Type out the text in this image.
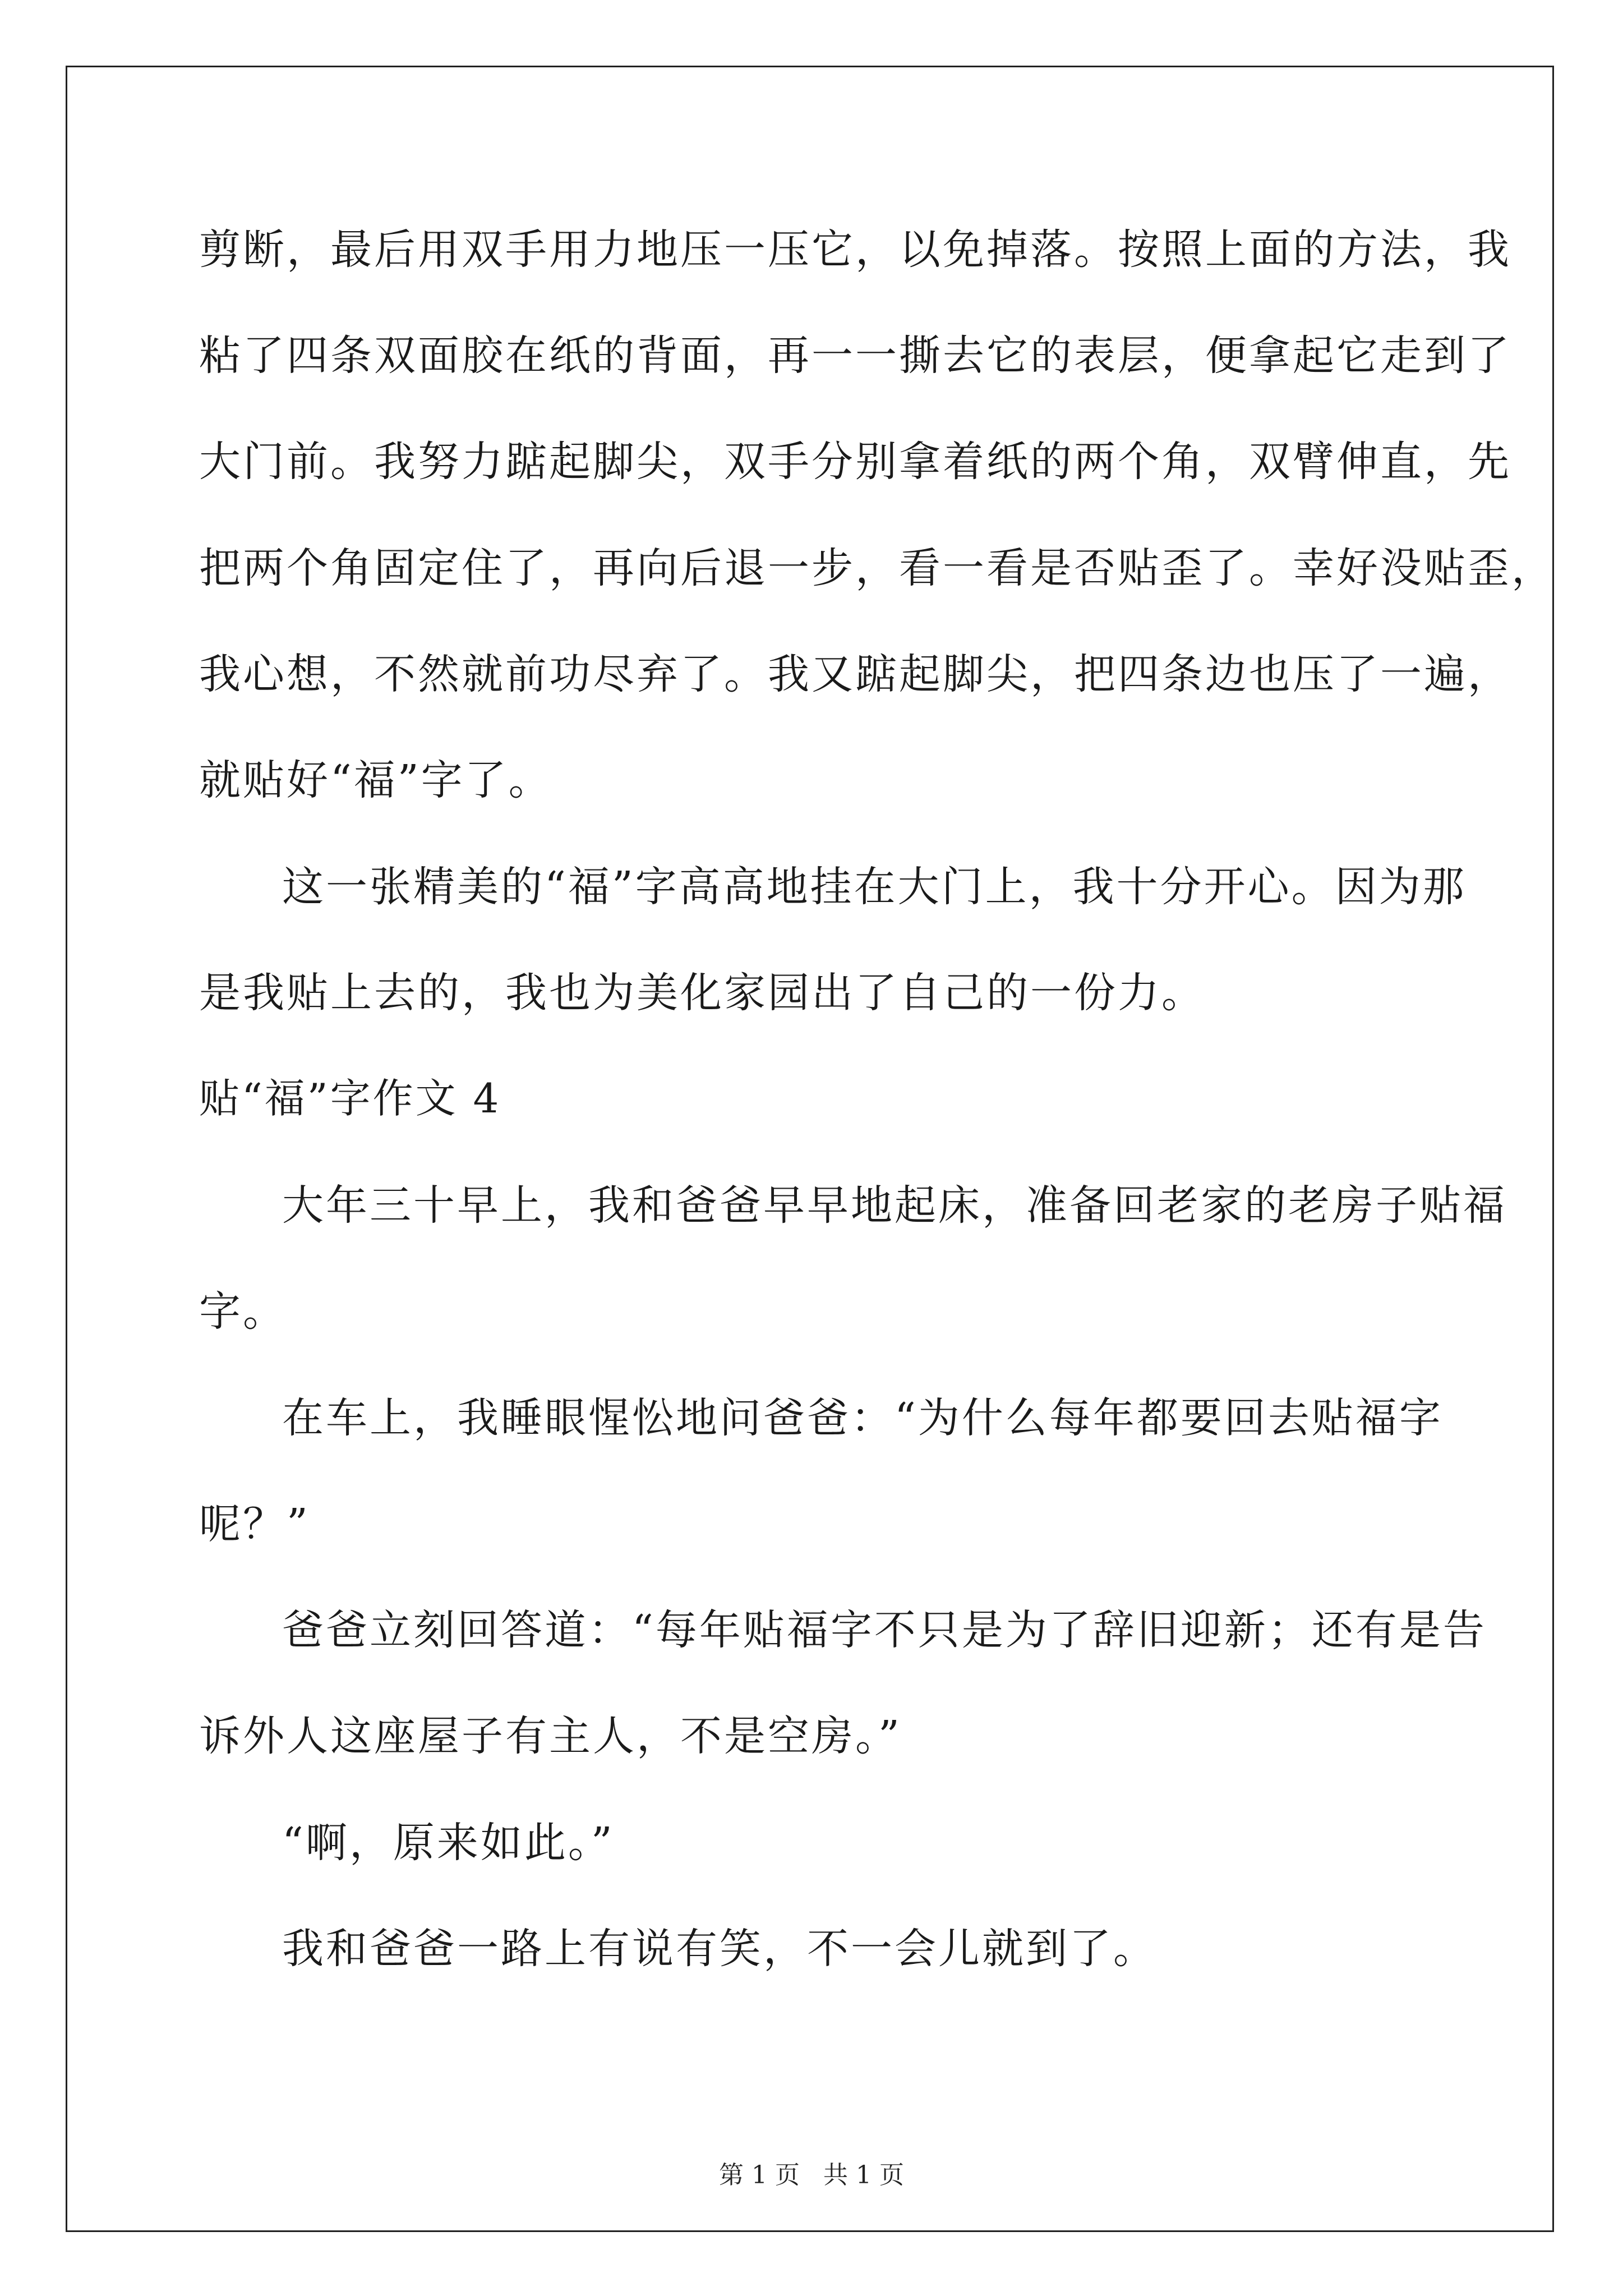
剪断，最后用双手用力地压一压它，以免掉落。按照上面的方法，我
粘了四条双面胶在纸的背面，再一一撕去它的表层，便拿起它走到了
大门前。我努力踮起脚尖，双手分别拿着纸的两个角，双臂伸直，先
把两个角固定住了，再向后退一步，看一看是否贴歪了。幸好没贴歪，
我心想，不然就前功尽弃了。我又踮起脚尖，把四条边也压了一遍，
就贴好“福”字了。
这一张精美的“福”字高高地挂在大门上，我十分开心。因为那
是我贴上去的，我也为美化家园出了自己的一份力。
贴“福”字作文 4
大年三十早上，我和爸爸早早地起床，准备回老家的老房子贴福
字。
在车上，我睡眼惺忪地问爸爸：“为什么每年都要回去贴福字
呢？”
爸爸立刻回答道：“每年贴福字不只是为了辞旧迎新；还有是告
诉外人这座屋子有主人，不是空房。”
“啊，原来如此。”
我和爸爸一路上有说有笑，不一会儿就到了。
第 1 页   共 1 页
